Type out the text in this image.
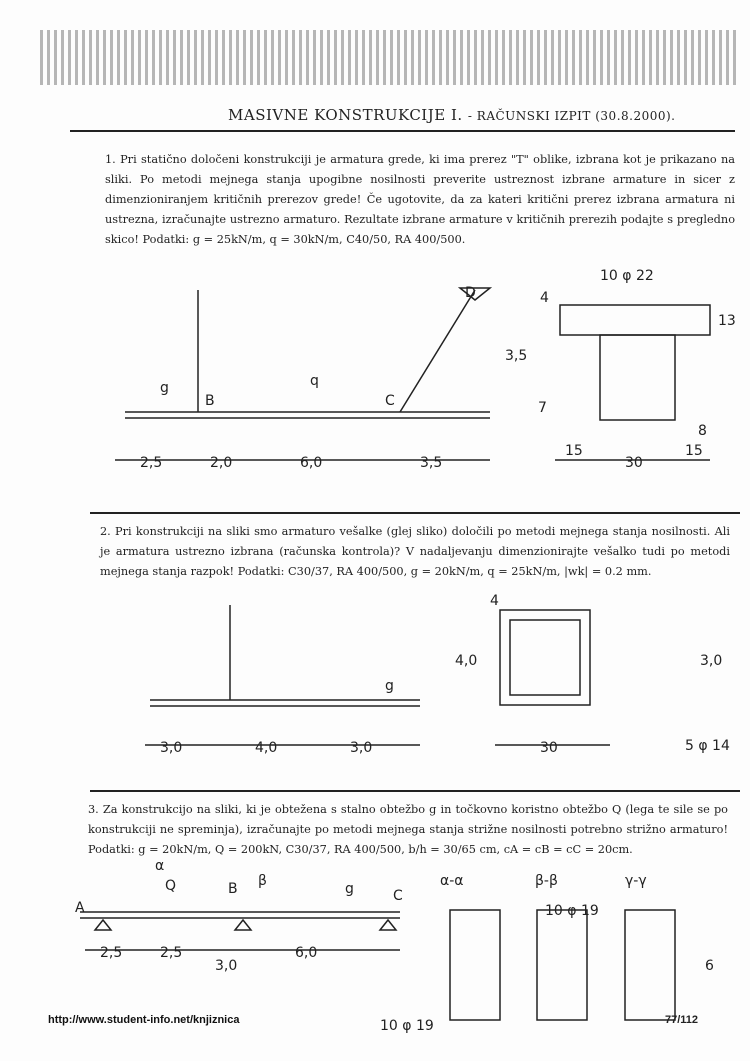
MASIVNE KONSTRUKCIJE I. - RAČUNSKI IZPIT (30.8.2000).
1. Pri statično določeni konstrukciji je armatura grede, ki ima prerez "T" oblike, izbrana kot je prikazano na sliki. Po metodi mejnega stanja upogibne nosilnosti preverite ustreznost izbrane armature in sicer z dimenzioniranjem kritičnih prerezov grede! Če ugotovite, da za kateri kritični prerez izbrana armatura ni ustrezna, izračunajte ustrezno armaturo. Rezultate izbrane armature v kritičnih prerezih podajte s pregledno skico! Podatki: g = 25kN/m, q = 30kN/m, C40/50, RA 400/500.
D
C
B
g	q
3,5
10 φ 22
4
13
7
8
15
30
15
2,5	2,0	6,0	3,5
4,0
g
3,0
4
30	5 φ 14
3,0	4,0	3,0
Q	B β	g	C
α
A
2,5	2,5
3,0
6,0
α-α	β-β	γ-γ
10 φ 19
10 φ 19
6
2. Pri konstrukciji na sliki smo armaturo vešalke (glej sliko) določili po metodi mejnega stanja nosilnosti. Ali je armatura ustrezno izbrana (računska kontrola)? V nadaljevanju dimenzionirajte vešalko tudi po metodi mejnega stanja razpok! Podatki: C30/37, RA 400/500, g = 20kN/m, q = 25kN/m, |wk| = 0.2 mm.
3. Za konstrukcijo na sliki, ki je obtežena s stalno obtežbo g in točkovno koristno obtežbo Q (lega te sile se po konstrukciji ne spreminja), izračunajte po metodi mejnega stanja strižne nosilnosti potrebno strižno armaturo! Podatki: g = 20kN/m, Q = 200kN, C30/37, RA 400/500, b/h = 30/65 cm, cA = cB = cC = 20cm.
http://www.student-info.net/knjiznica	77/112
